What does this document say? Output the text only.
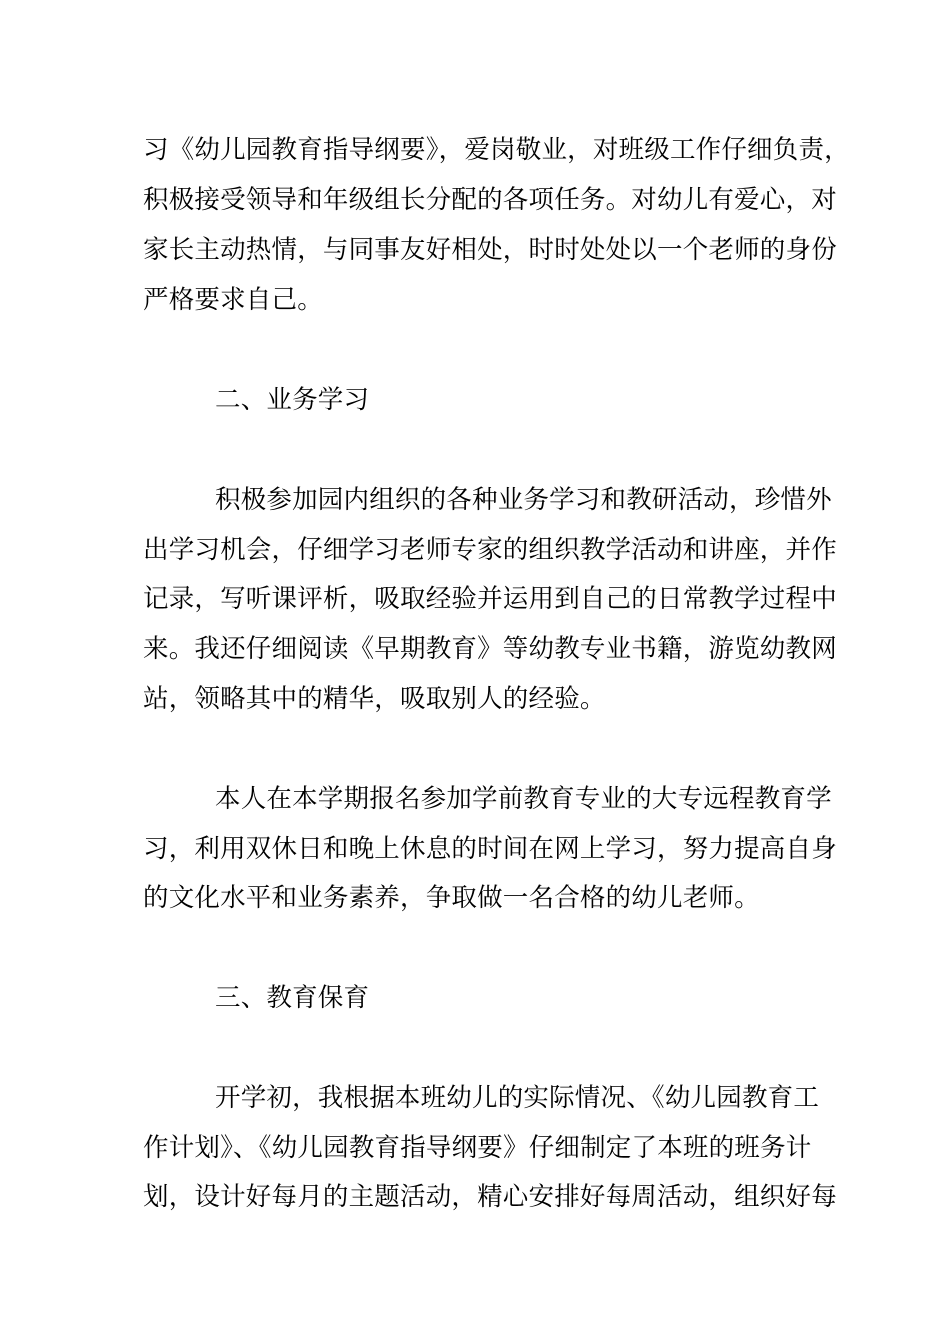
习《幼儿园教育指导纲要》，爱岗敬业，对班级工作仔细负责，
积极接受领导和年级组长分配的各项任务。对幼儿有爱心，对
家长主动热情，与同事友好相处，时时处处以一个老师的身份
严格要求自己。
二、业务学习
积极参加园内组织的各种业务学习和教研活动，珍惜外
出学习机会，仔细学习老师专家的组织教学活动和讲座，并作
记录，写听课评析，吸取经验并运用到自己的日常教学过程中
来。我还仔细阅读《早期教育》等幼教专业书籍，游览幼教网
站，领略其中的精华，吸取别人的经验。
本人在本学期报名参加学前教育专业的大专远程教育学
习，利用双休日和晚上休息的时间在网上学习，努力提高自身
的文化水平和业务素养，争取做一名合格的幼儿老师。
三、教育保育
开学初，我根据本班幼儿的实际情况、《幼儿园教育工
作计划》、《幼儿园教育指导纲要》仔细制定了本班的班务计
划，设计好每月的主题活动，精心安排好每周活动，组织好每
